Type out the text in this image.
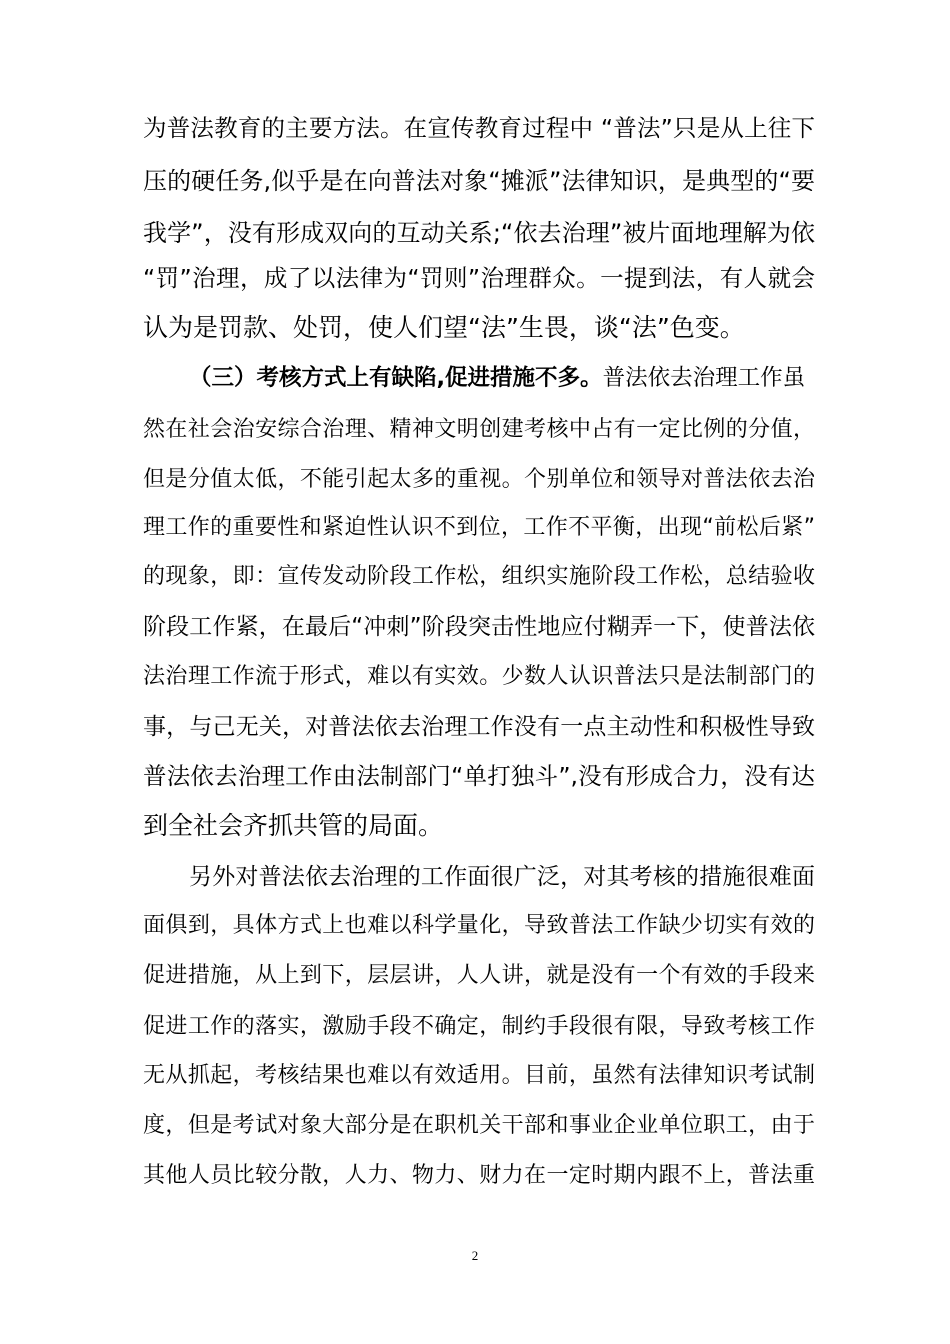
为普法教育的主要方法。在宣传教育过程中 “普法”只是从上往下
压的硬任务,似乎是在向普法对象“摊派”法律知识，是典型的“要
我学”，没有形成双向的互动关系;“依去治理”被片面地理解为依
“罚”治理，成了以法律为“罚则”治理群众。一提到法，有人就会
认为是罚款、处罚，使人们望“法”生畏，谈“法”色变。
（三）考核方式上有缺陷,促进措施不多。普法依去治理工作虽
然在社会治安综合治理、精神文明创建考核中占有一定比例的分值，
但是分值太低，不能引起太多的重视。个别单位和领导对普法依去治
理工作的重要性和紧迫性认识不到位，工作不平衡，出现“前松后紧”
的现象，即：宣传发动阶段工作松，组织实施阶段工作松，总结验收
阶段工作紧，在最后“冲刺”阶段突击性地应付糊弄一下，使普法依
法治理工作流于形式，难以有实效。少数人认识普法只是法制部门的
事，与己无关，对普法依去治理工作没有一点主动性和积极性导致
普法依去治理工作由法制部门“单打独斗”,没有形成合力，没有达
到全社会齐抓共管的局面。
另外对普法依去治理的工作面很广泛，对其考核的措施很难面
面俱到，具体方式上也难以科学量化，导致普法工作缺少切实有效的
促进措施，从上到下，层层讲，人人讲，就是没有一个有效的手段来
促进工作的落实，激励手段不确定，制约手段很有限，导致考核工作
无从抓起，考核结果也难以有效适用。目前，虽然有法律知识考试制
度，但是考试对象大部分是在职机关干部和事业企业单位职工，由于
其他人员比较分散，人力、物力、财力在一定时期内跟不上，普法重
2
